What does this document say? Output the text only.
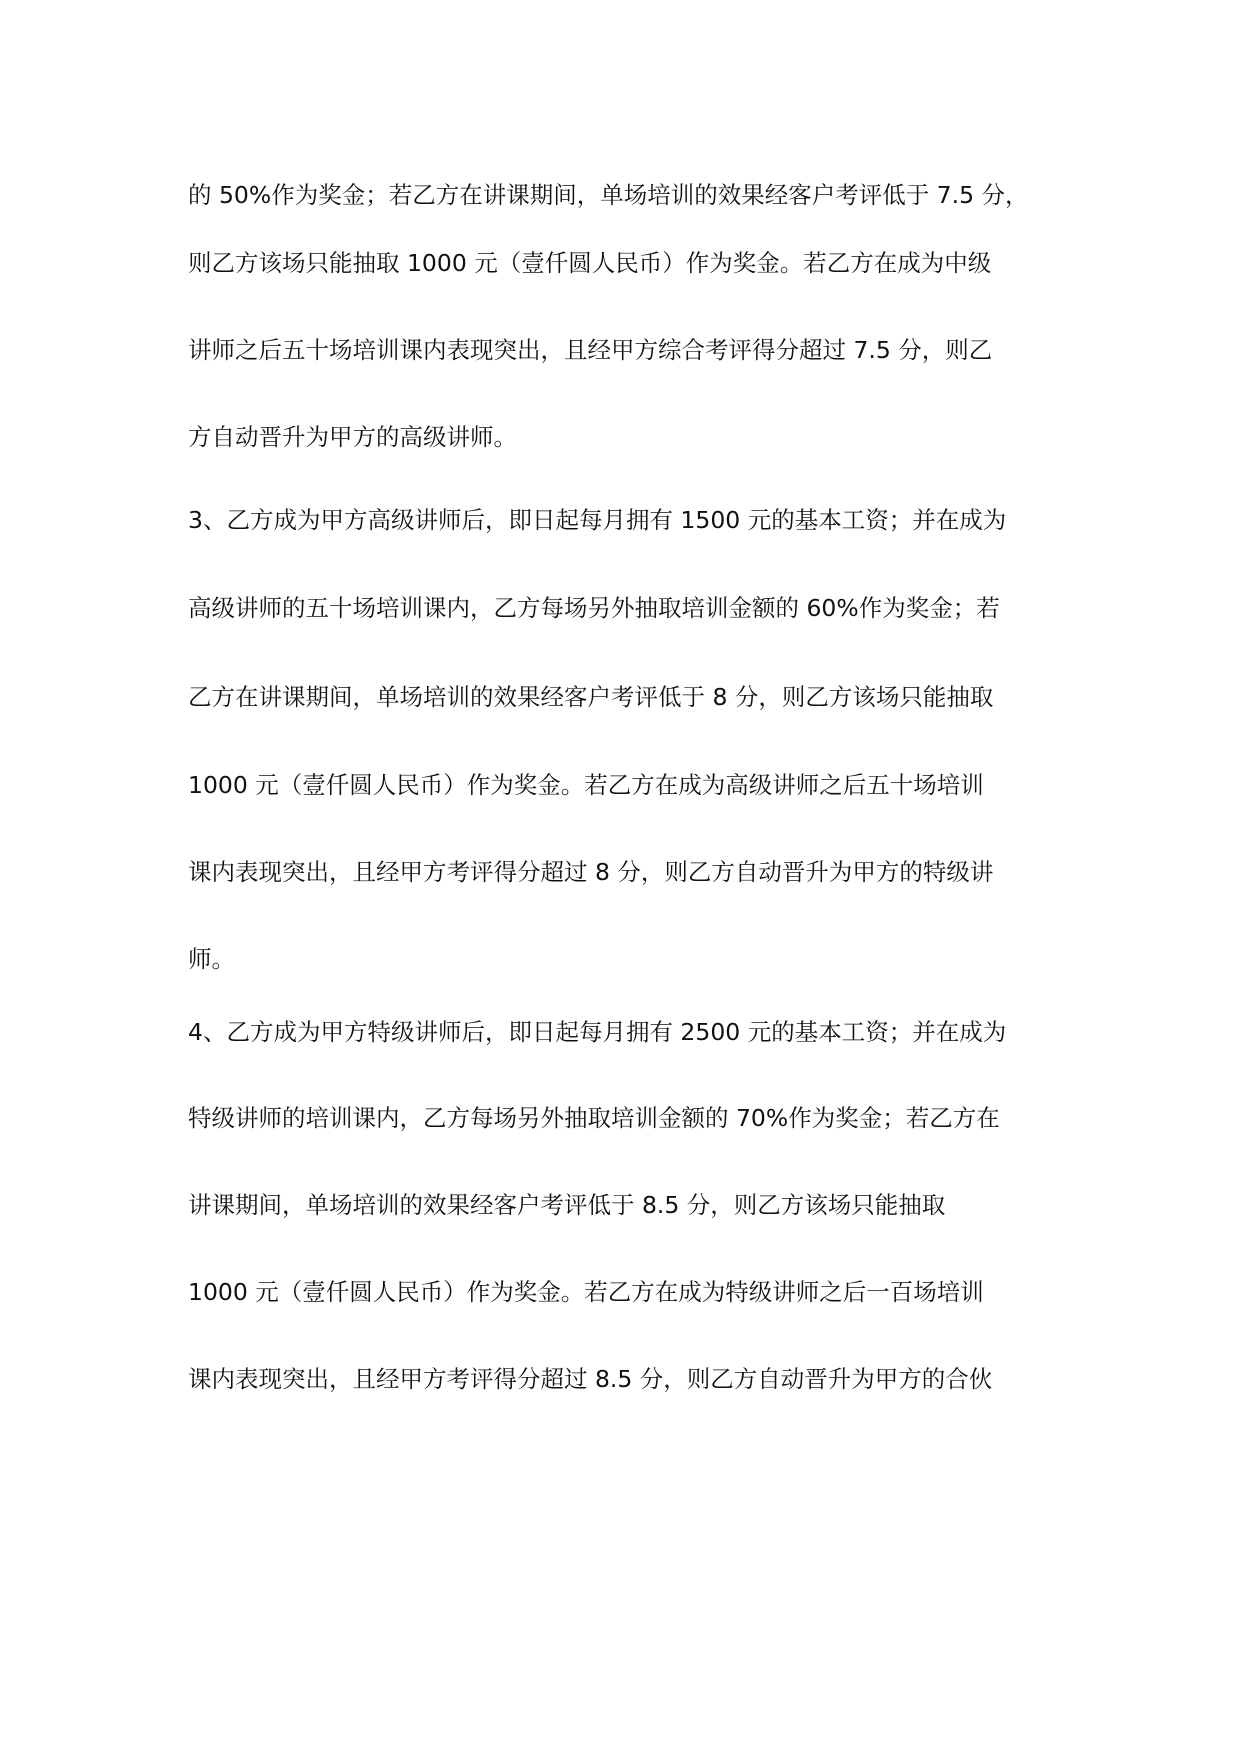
的 50%作为奖金；若乙方在讲课期间，单场培训的效果经客户考评低于 7.5 分，
则乙方该场只能抽取 1000 元（壹仟圆人民币）作为奖金。若乙方在成为中级
讲师之后五十场培训课内表现突出，且经甲方综合考评得分超过 7.5 分，则乙
方自动晋升为甲方的高级讲师。
3、乙方成为甲方高级讲师后，即日起每月拥有 1500 元的基本工资；并在成为
高级讲师的五十场培训课内，乙方每场另外抽取培训金额的 60%作为奖金；若
乙方在讲课期间，单场培训的效果经客户考评低于 8 分，则乙方该场只能抽取
1000 元（壹仟圆人民币）作为奖金。若乙方在成为高级讲师之后五十场培训
课内表现突出，且经甲方考评得分超过 8 分，则乙方自动晋升为甲方的特级讲
师。
4、乙方成为甲方特级讲师后，即日起每月拥有 2500 元的基本工资；并在成为
特级讲师的培训课内，乙方每场另外抽取培训金额的 70%作为奖金；若乙方在
讲课期间，单场培训的效果经客户考评低于 8.5 分，则乙方该场只能抽取
1000 元（壹仟圆人民币）作为奖金。若乙方在成为特级讲师之后一百场培训
课内表现突出，且经甲方考评得分超过 8.5 分，则乙方自动晋升为甲方的合伙
